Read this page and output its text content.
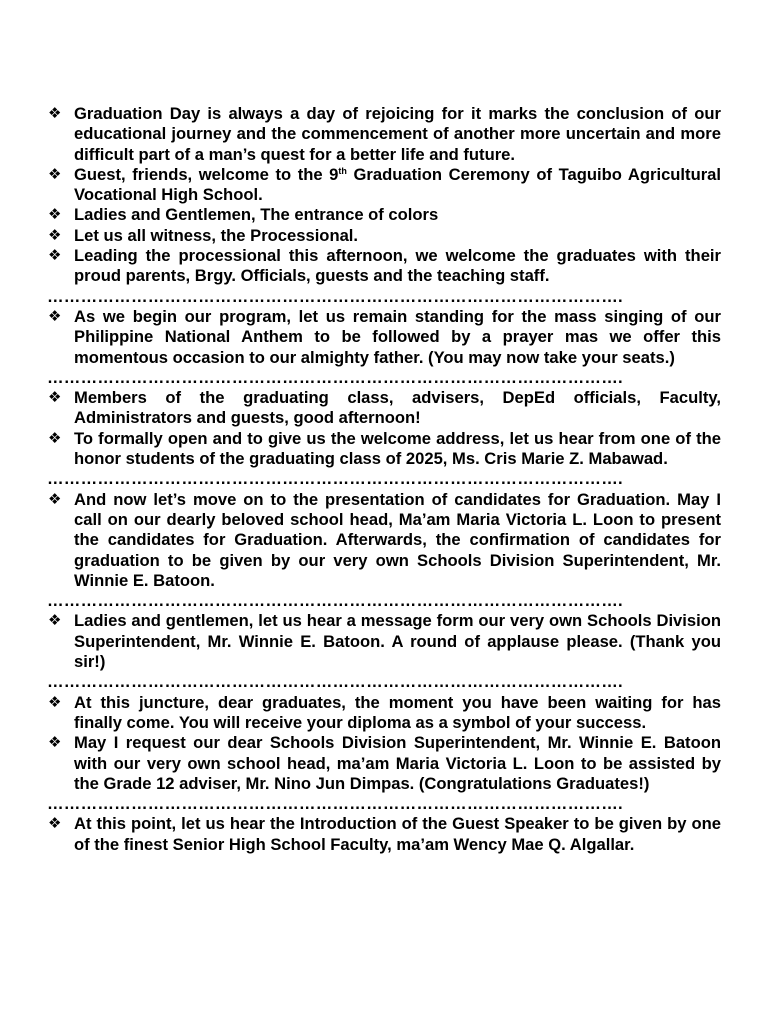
❖ Graduation Day is always a day of rejoicing for it marks the conclusion of our educational journey and the commencement of another more uncertain and more difficult part of a man’s quest for a better life and future.
❖ Guest, friends, welcome to the 9th Graduation Ceremony of Taguibo Agricultural Vocational High School.
❖ Ladies and Gentlemen, The entrance of colors
❖ Let us all witness, the Processional.
❖ Leading the processional this afternoon, we welcome the graduates with their proud parents, Brgy. Officials, guests and the teaching staff.
………………………………………………………………………………………….
❖ As we begin our program, let us remain standing for the mass singing of our Philippine National Anthem to be followed by a prayer mas we offer this momentous occasion to our almighty father. (You may now take your seats.)
………………………………………………………………………………………….
❖ Members of the graduating class, advisers, DepEd officials, Faculty, Administrators and guests, good afternoon!
❖ To formally open and to give us the welcome address, let us hear from one of the honor students of the graduating class of 2025, Ms. Cris Marie Z. Mabawad.
………………………………………………………………………………………….
❖ And now let’s move on to the presentation of candidates for Graduation. May I call on our dearly beloved school head, Ma’am Maria Victoria L. Loon to present the candidates for Graduation. Afterwards, the confirmation of candidates for graduation to be given by our very own Schools Division Superintendent, Mr. Winnie E. Batoon.
………………………………………………………………………………………….
❖ Ladies and gentlemen, let us hear a message form our very own Schools Division Superintendent, Mr. Winnie E. Batoon. A round of applause please. (Thank you sir!)
………………………………………………………………………………………….
❖ At this juncture, dear graduates, the moment you have been waiting for has finally come. You will receive your diploma as a symbol of your success.
❖ May I request our dear Schools Division Superintendent, Mr. Winnie E. Batoon with our very own school head, ma’am Maria Victoria L. Loon to be assisted by the Grade 12 adviser, Mr. Nino Jun Dimpas. (Congratulations Graduates!)
………………………………………………………………………………………….
❖ At this point, let us hear the Introduction of the Guest Speaker to be given by one of the finest Senior High School Faculty, ma’am Wency Mae Q. Algallar.
